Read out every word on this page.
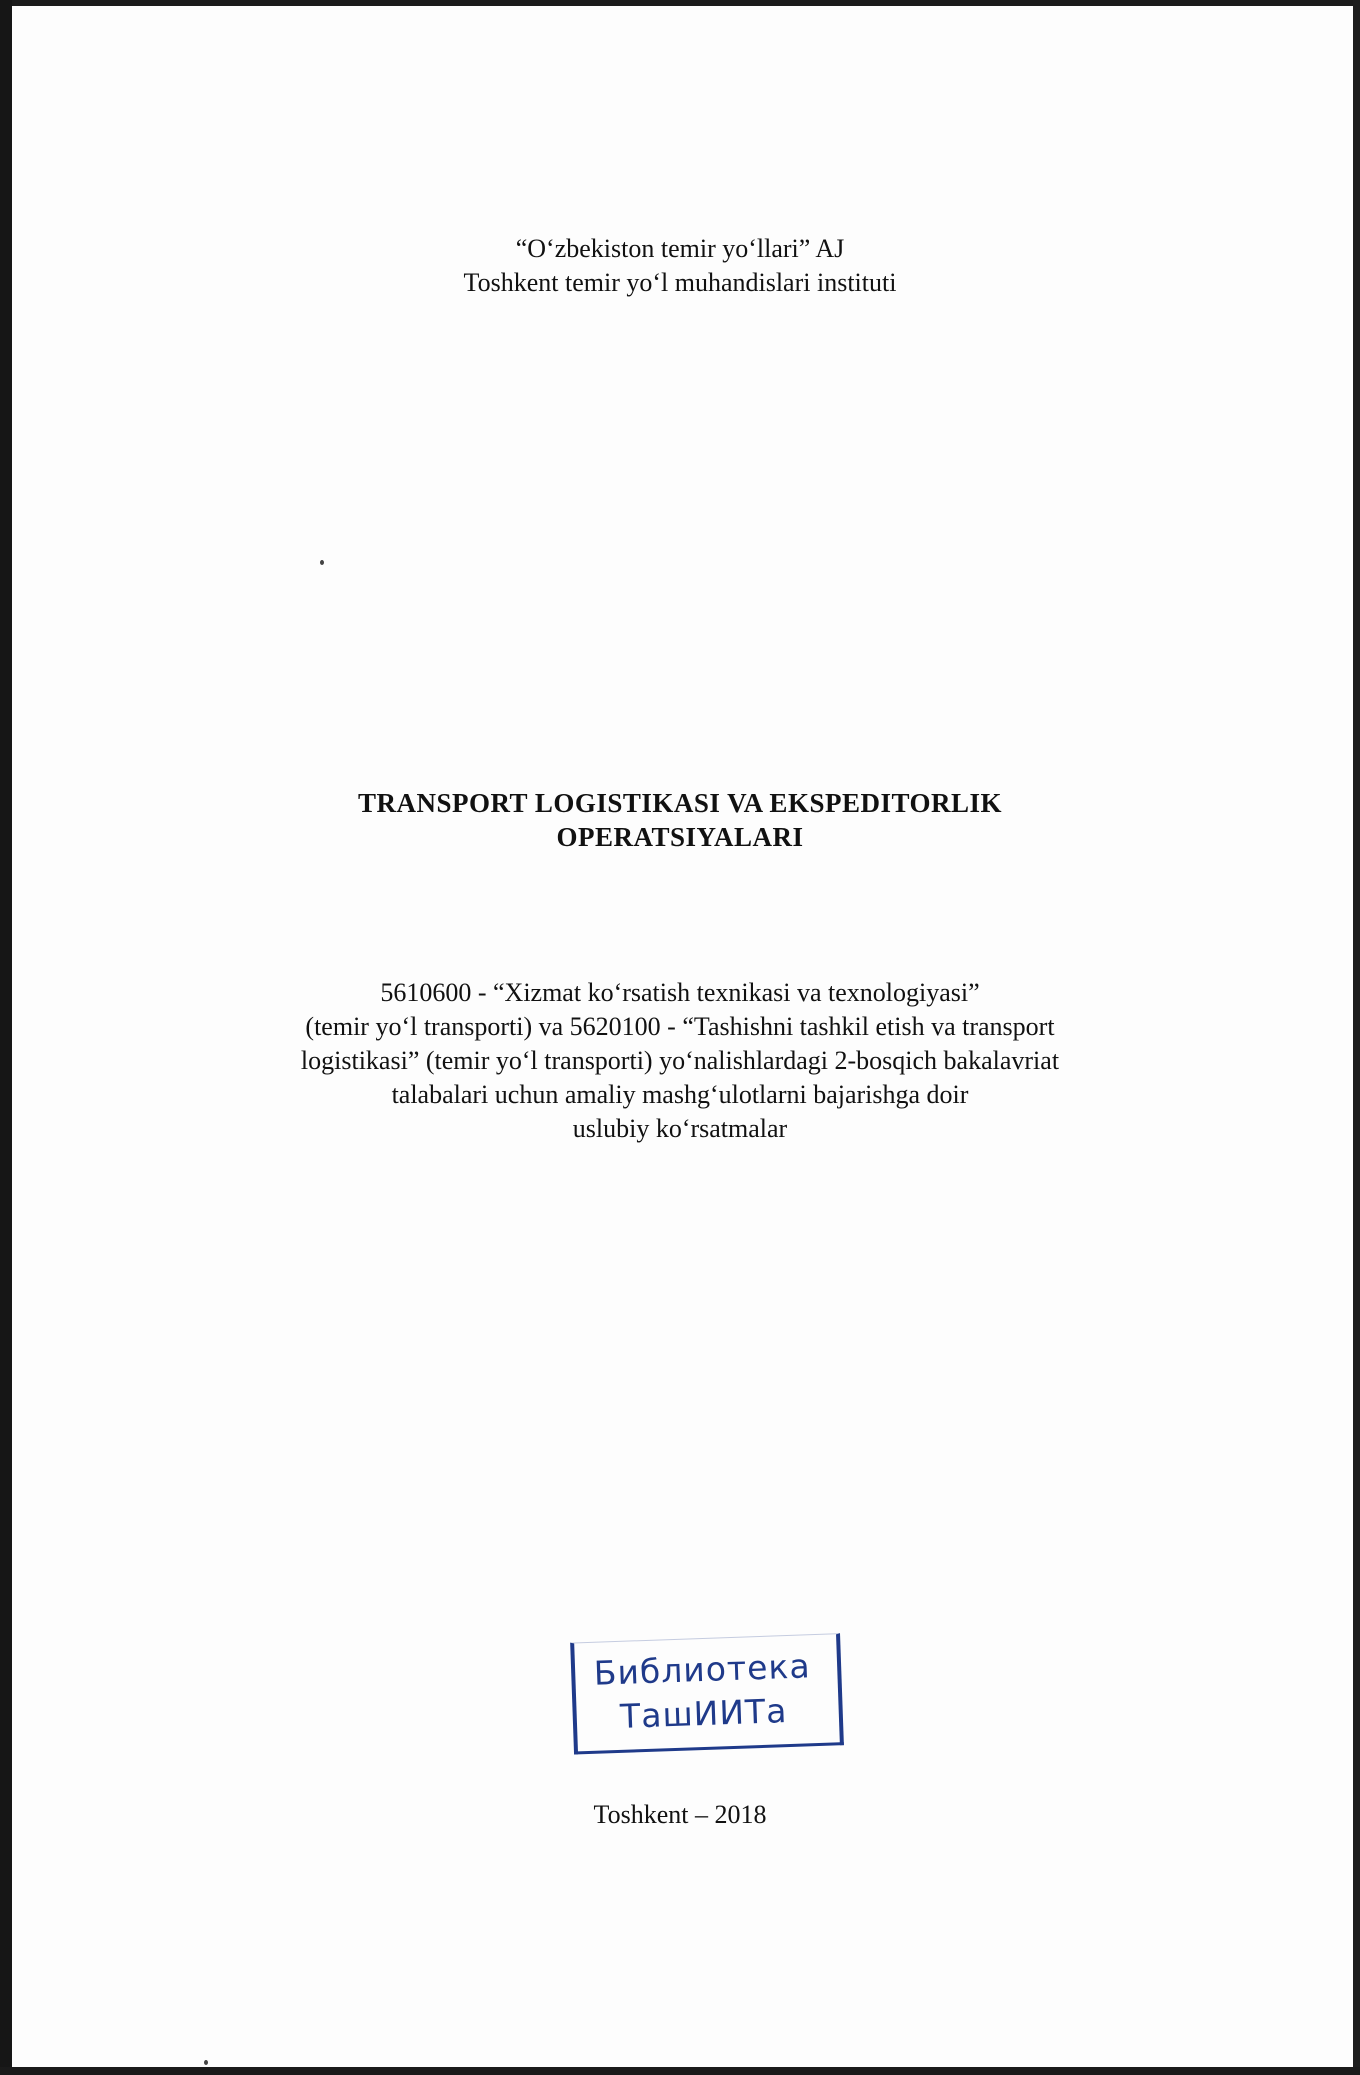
“O‘zbekiston temir yo‘llari” AJ
Toshkent temir yo‘l muhandislari instituti
TRANSPORT LOGISTIKASI VA EKSPEDITORLIK
OPERATSIYALARI
5610600 - “Xizmat ko‘rsatish texnikasi va texnologiyasi”
(temir yo‘l transporti) va 5620100 - “Tashishni tashkil etish va transport
logistikasi” (temir yo‘l transporti) yo‘nalishlardagi 2-bosqich bakalavriat
talabalari uchun amaliy mashg‘ulotlarni bajarishga doir
uslubiy ko‘rsatmalar
Библиотека
ТашИИТа
Toshkent – 2018
